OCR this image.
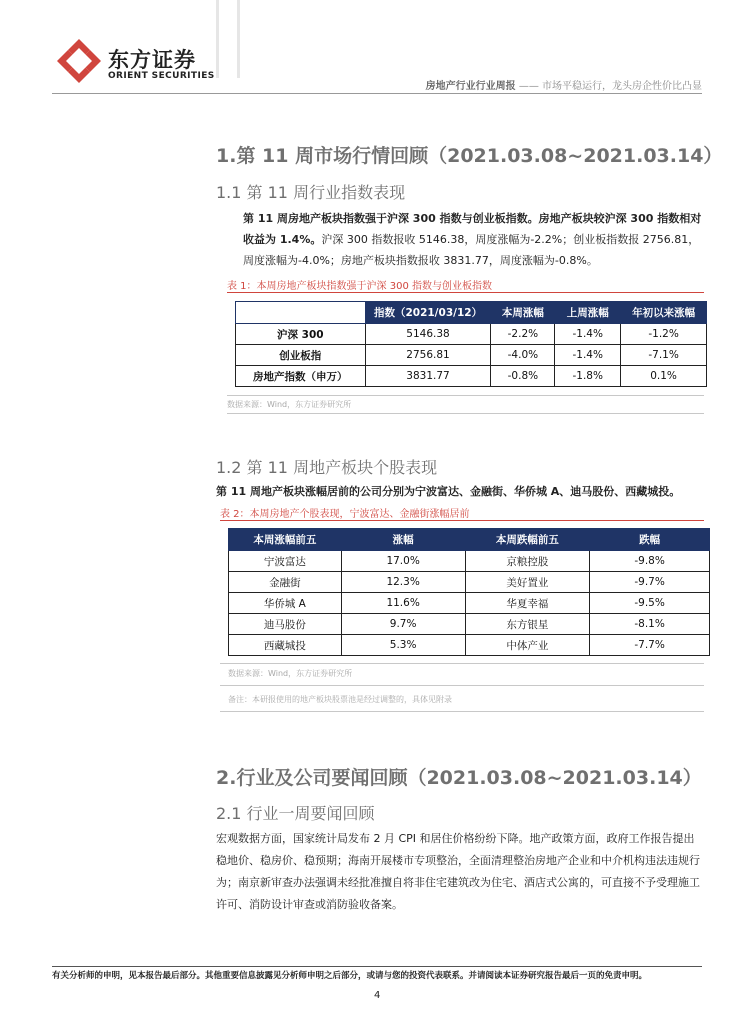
东方证券
ORIENT SECURITIES
房地产行业行业周报 —— 市场平稳运行，龙头房企性价比凸显
1.第 11 周市场行情回顾（2021.03.08~2021.03.14）
1.1 第 11 周行业指数表现
第 11 周房地产板块指数强于沪深 300 指数与创业板指数。房地产板块较沪深 300 指数相对收益为 1.4%。沪深 300 指数报收 5146.38，周度涨幅为-2.2%；创业板指数报 2756.81，周度涨幅为-4.0%；房地产板块指数报收 3831.77，周度涨幅为-0.8%。
表 1：本周房地产板块指数强于沪深 300 指数与创业板指数
	指数（2021/03/12）	本周涨幅	上周涨幅	年初以来涨幅
沪深 300	5146.38	-2.2%	-1.4%	-1.2%
创业板指	2756.81	-4.0%	-1.4%	-7.1%
房地产指数（申万）	3831.77	-0.8%	-1.8%	0.1%
数据来源：Wind，东方证券研究所
1.2 第 11 周地产板块个股表现
第 11 周地产板块涨幅居前的公司分别为宁波富达、金融街、华侨城 A、迪马股份、西藏城投。
表 2：本周房地产个股表现，宁波富达、金融街涨幅居前
本周涨幅前五	涨幅	本周跌幅前五	跌幅
宁波富达	17.0%	京粮控股	-9.8%
金融街	12.3%	美好置业	-9.7%
华侨城 A	11.6%	华夏幸福	-9.5%
迪马股份	9.7%	东方银星	-8.1%
西藏城投	5.3%	中体产业	-7.7%
数据来源：Wind，东方证券研究所
备注：本研报使用的地产板块股票池是经过调整的，具体见附录
2.行业及公司要闻回顾（2021.03.08~2021.03.14）
2.1 行业一周要闻回顾
宏观数据方面，国家统计局发布 2 月 CPI 和居住价格纷纷下降。地产政策方面，政府工作报告提出稳地价、稳房价、稳预期；海南开展楼市专项整治，全面清理整治房地产企业和中介机构违法违规行为；南京新审查办法强调未经批准擅自将非住宅建筑改为住宅、酒店式公寓的，可直接不予受理施工许可、消防设计审查或消防验收备案。
有关分析师的申明，见本报告最后部分。其他重要信息披露见分析师申明之后部分，或请与您的投资代表联系。并请阅读本证券研究报告最后一页的免责申明。
4
